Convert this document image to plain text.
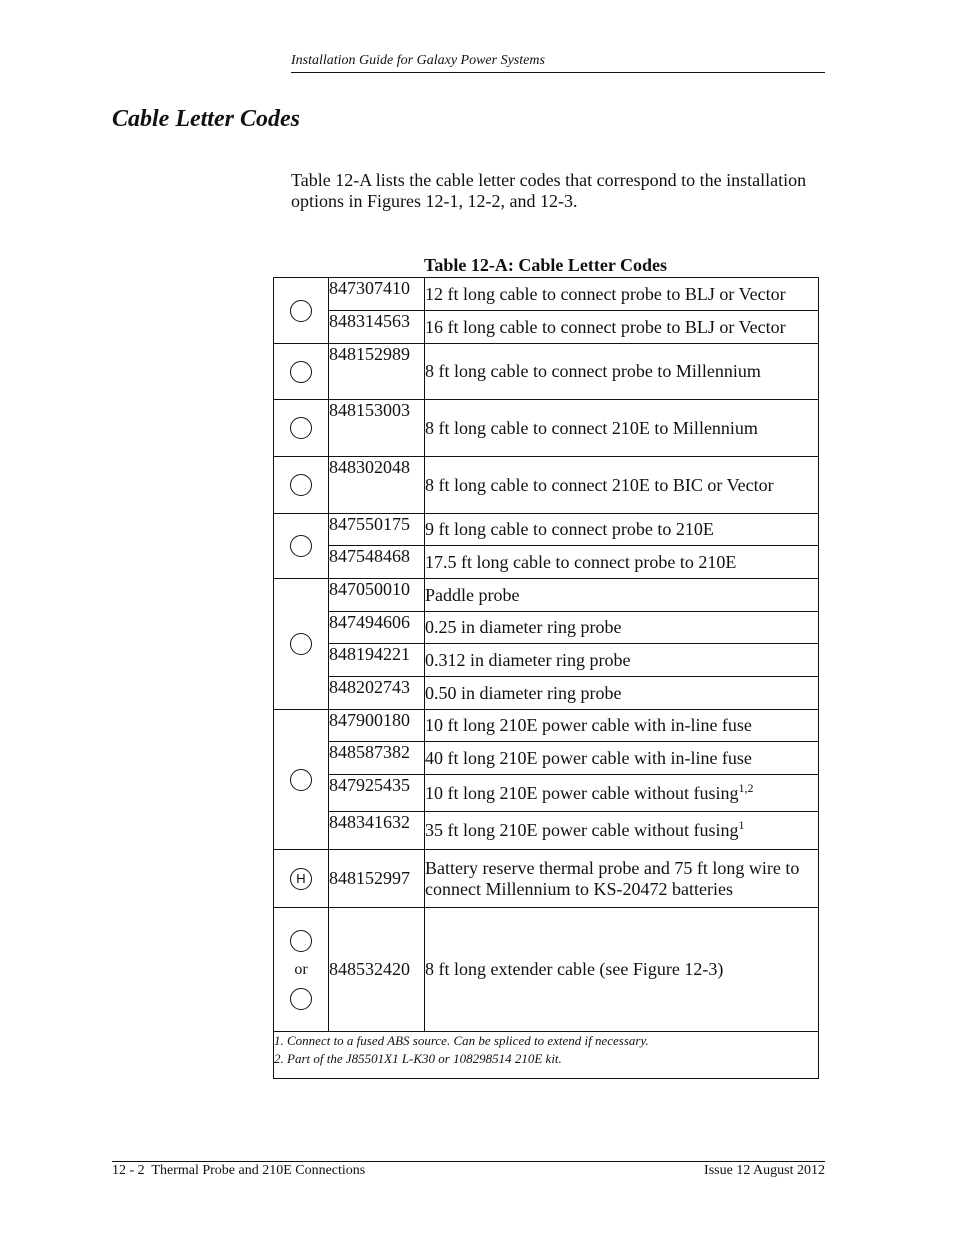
Installation Guide for Galaxy Power Systems
Cable Letter Codes
Table 12-A lists the cable letter codes that correspond to the installation options in Figures 12-1, 12-2, and 12-3.
Table 12-A: Cable Letter Codes
	847307410	12 ft long cable to connect probe to BLJ or Vector
	848314563	16 ft long cable to connect probe to BLJ or Vector
	848152989	8 ft long cable to connect probe to Millennium
	848153003	8 ft long cable to connect 210E to Millennium
	848302048	8 ft long cable to connect 210E to BIC or Vector
	847550175	9 ft long cable to connect probe to 210E
	847548468	17.5 ft long cable to connect probe to 210E
	847050010	Paddle probe
	847494606	0.25 in diameter ring probe
	848194221	0.312 in diameter ring probe
	848202743	0.50 in diameter ring probe
	847900180	10 ft long 210E power cable with in-line fuse
	848587382	40 ft long 210E power cable with in-line fuse
	847925435	10 ft long 210E power cable without fusing$^{1,2}$
	848341632	35 ft long 210E power cable without fusing$^1$
H	848152997	Battery reserve thermal probe and 75 ft long wire to connect Millennium to KS-20472 batteries

or	848532420	8 ft long extender cable (see Figure 12-3)

1. Connect to a fused ABS source. Can be spliced to extend if necessary.
2. Part of the J85501X1 L-K30 or 108298514 210E kit.		
12 - 2  Thermal Probe and 210E Connections	Issue 12 August 2012
